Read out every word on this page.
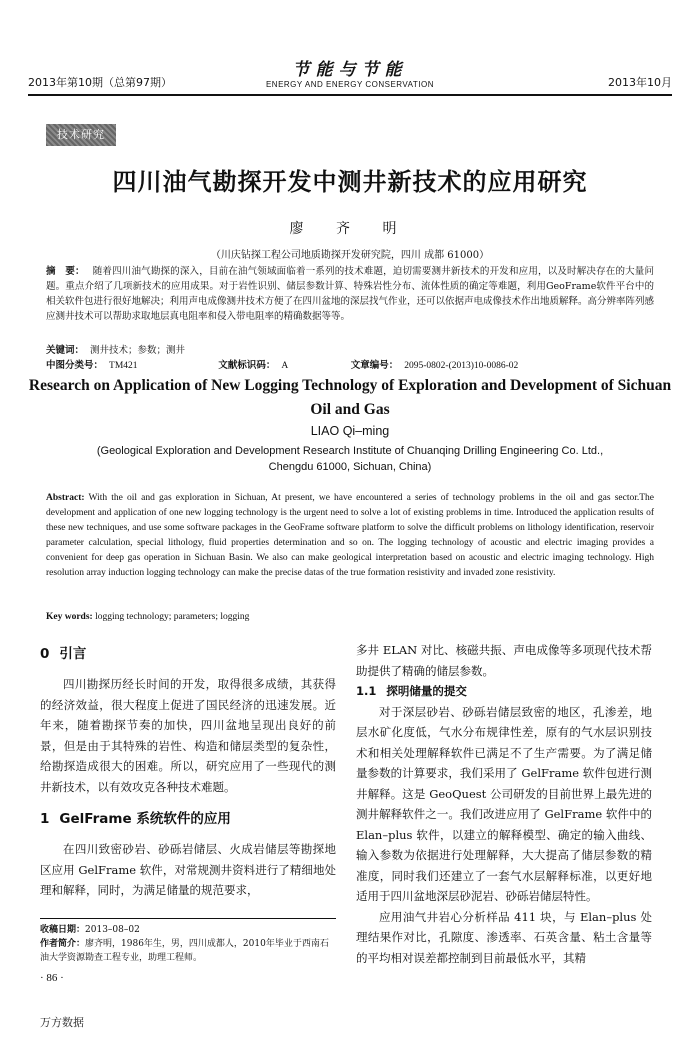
2013年第10期（总第97期）
节能与节能
ENERGY AND ENERGY CONSERVATION	2013年10月
技术研究
四川油气勘探开发中测井新技术的应用研究
廖 齐 明
（川庆钻探工程公司地质勘探开发研究院，四川 成都 61000）
摘　要： 随着四川油气勘探的深入，目前在油气领域面临着一系列的技术难题，迫切需要测井新技术的开发和应用，以及时解决存在的大量问题。重点介绍了几项新技术的应用成果。对于岩性识别、储层参数计算、特殊岩性分布、流体性质的确定等难题，利用GeoFrame软件平台中的相关软件包进行很好地解决；利用声电成像测井技术方便了在四川盆地的深层找气作业，还可以依据声电成像技术作出地质解释。高分辨率阵列感应测井技术可以帮助求取地层真电阻率和侵入带电阻率的精确数据等等。
关键词： 测井技术；参数；测井
中图分类号： TM421	文献标识码： A	文章编号： 2095-0802-(2013)10-0086-02
Research on Application of New Logging Technology of Exploration and Development of Sichuan Oil and Gas
LIAO Qi–ming
(Geological Exploration and Development Research Institute of Chuanqing Drilling Engineering Co. Ltd.,
Chengdu 61000, Sichuan, China)
Abstract: With the oil and gas exploration in Sichuan, At present, we have encountered a series of technology problems in the oil and gas sector.The development and application of one new logging technology is the urgent need to solve a lot of existing problems in time. Introduced the application results of these new techniques, and use some software packages in the GeoFrame software platform to solve the difficult problems on lithology identification, reservoir parameter calculation, special lithology, fluid properties determination and so on. The logging technology of acoustic and electric imaging provides a convenient for deep gas operation in Sichuan Basin. We also can make geological interpretation based on acoustic and electric imaging technology. High resolution array induction logging technology can make the precise datas of the true formation resistivity and invaded zone resistivity.
Key words: logging technology; parameters; logging
0 引言

四川勘探历经长时间的开发，取得很多成绩，其获得的经济效益，很大程度上促进了国民经济的迅速发展。近年来，随着勘探节奏的加快，四川盆地呈现出良好的前景，但是由于其特殊的岩性、构造和储层类型的复杂性，给勘探造成很大的困难。所以，研究应用了一些现代的测井新技术，以有效攻克各种技术难题。

1 GelFrame 系统软件的应用

在四川致密砂岩、砂砾岩储层、火成岩储层等勘探地区应用 GelFrame 软件，对常规测井资料进行了精细地处理和解释，同时，为满足储量的规范要求，

多井 ELAN 对比、核磁共振、声电成像等多项现代技术帮助提供了精确的储层参数。

1.1 探明储量的提交

对于深层砂岩、砂砾岩储层致密的地区，孔渗差，地层水矿化度低，气水分布规律性差，原有的气水层识别技术和相关处理解释软件已满足不了生产需要。为了满足储量参数的计算要求，我们采用了 GelFrame 软件包进行测井解释。这是 GeoQuest 公司研发的目前世界上最先进的测井解释软件之一。我们改进应用了 GelFrame 软件中的 Elan–plus 软件，以建立的解释模型、确定的输入曲线、输入参数为依据进行处理解释，大大提高了储层参数的精准度，同时我们还建立了一套气水层解释标准，以更好地适用于四川盆地深层砂泥岩、砂砾岩储层特性。

应用油气井岩心分析样品 411 块，与 Elan–plus 处理结果作对比，孔隙度、渗透率、石英含量、粘土含量等的平均相对误差都控制到目前最低水平，其精

收稿日期：2013–08–02
作者简介：廖齐明，1986年生，男，四川成都人，2010年毕业于西南石油大学资源勘查工程专业，助理工程师。
· 86 ·
万方数据
